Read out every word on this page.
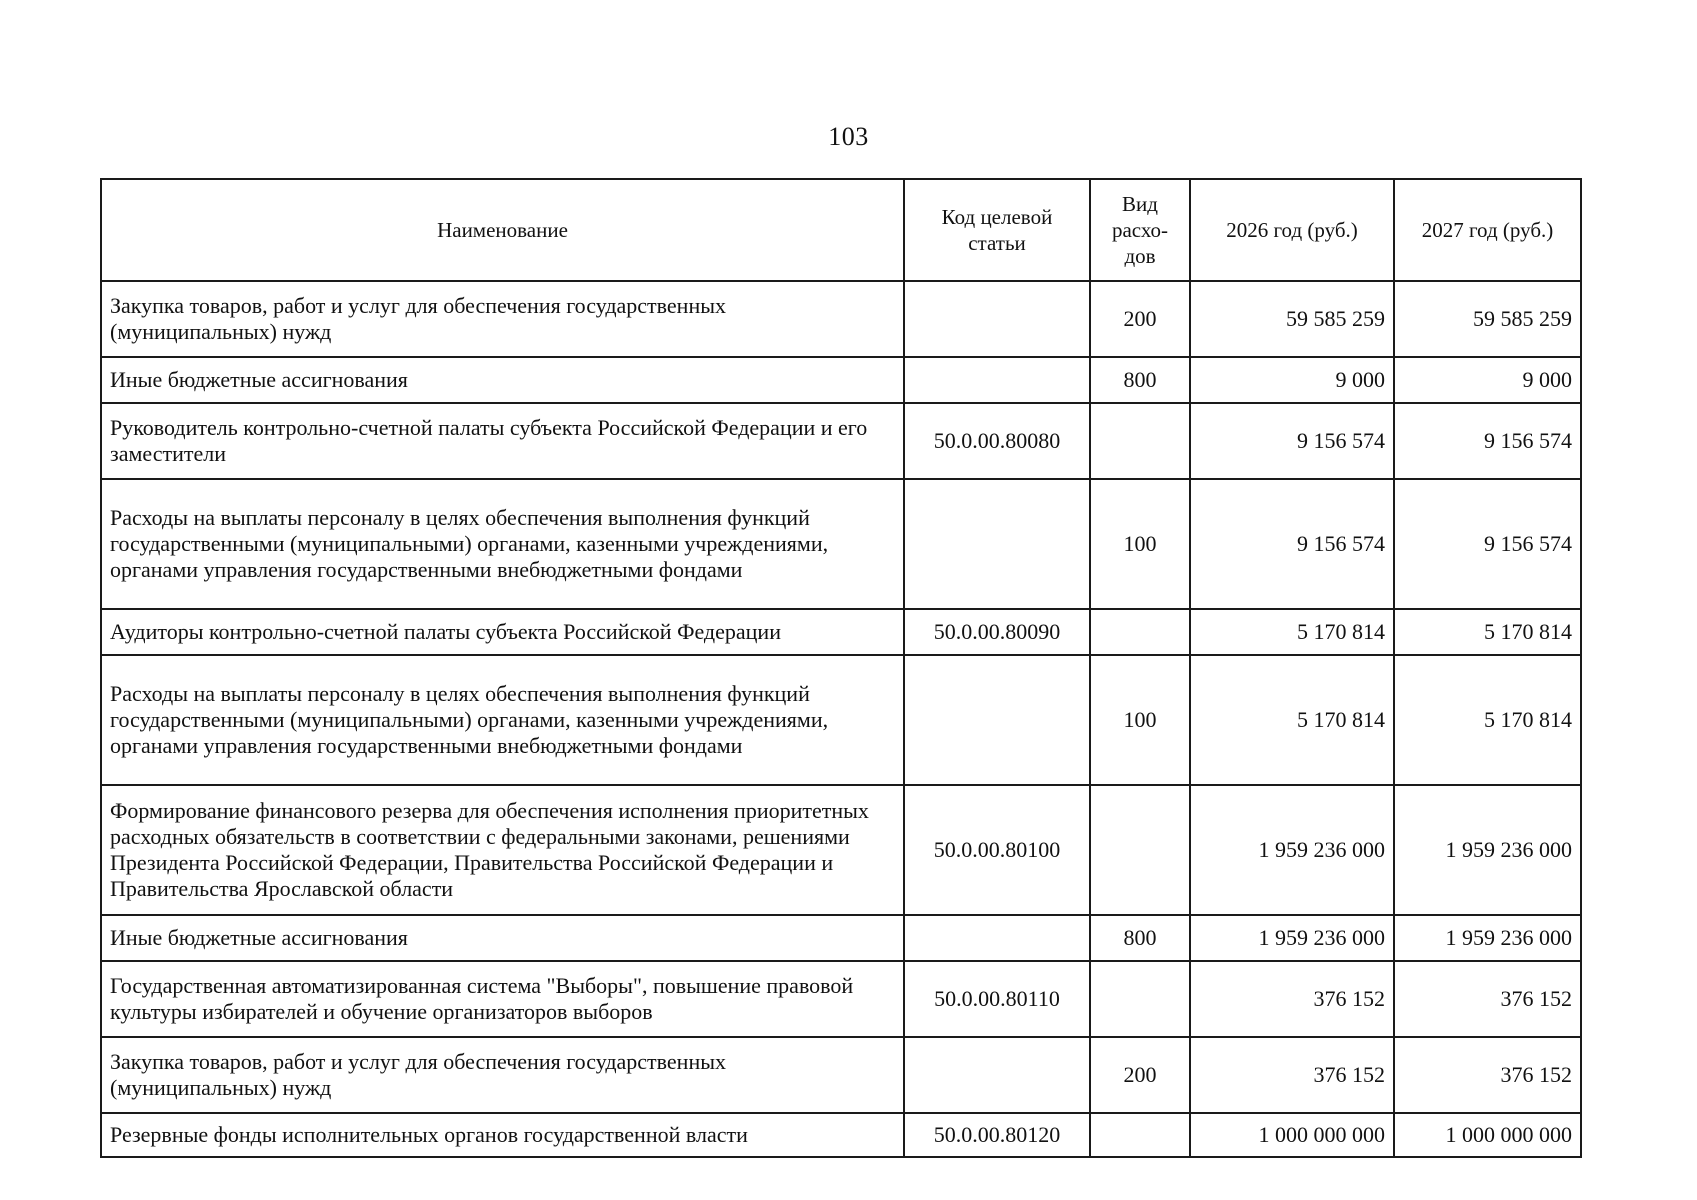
103
Наименование	Код целевой статьи	Вид расхо-дов	2026 год (руб.)	2027 год (руб.)
Закупка товаров, работ и услуг для обеспечения государственных (муниципальных) нужд		200	59 585 259	59 585 259
Иные бюджетные ассигнования		800	9 000	9 000
Руководитель контрольно-счетной палаты субъекта Российской Федерации и его заместители	50.0.00.80080		9 156 574	9 156 574
Расходы на выплаты персоналу в целях обеспечения выполнения функций государственными (муниципальными) органами, казенными учреждениями, органами управления государственными внебюджетными фондами		100	9 156 574	9 156 574
Аудиторы контрольно-счетной палаты субъекта Российской Федерации	50.0.00.80090		5 170 814	5 170 814
Расходы на выплаты персоналу в целях обеспечения выполнения функций государственными (муниципальными) органами, казенными учреждениями, органами управления государственными внебюджетными фондами		100	5 170 814	5 170 814
Формирование финансового резерва для обеспечения исполнения приоритетных расходных обязательств в соответствии с федеральными законами, решениями Президента Российской Федерации, Правительства Российской Федерации и Правительства Ярославской области	50.0.00.80100		1 959 236 000	1 959 236 000
Иные бюджетные ассигнования		800	1 959 236 000	1 959 236 000
Государственная автоматизированная система "Выборы", повышение правовой культуры избирателей и обучение организаторов выборов	50.0.00.80110		376 152	376 152
Закупка товаров, работ и услуг для обеспечения государственных (муниципальных) нужд		200	376 152	376 152
Резервные фонды исполнительных органов государственной власти	50.0.00.80120		1 000 000 000	1 000 000 000
